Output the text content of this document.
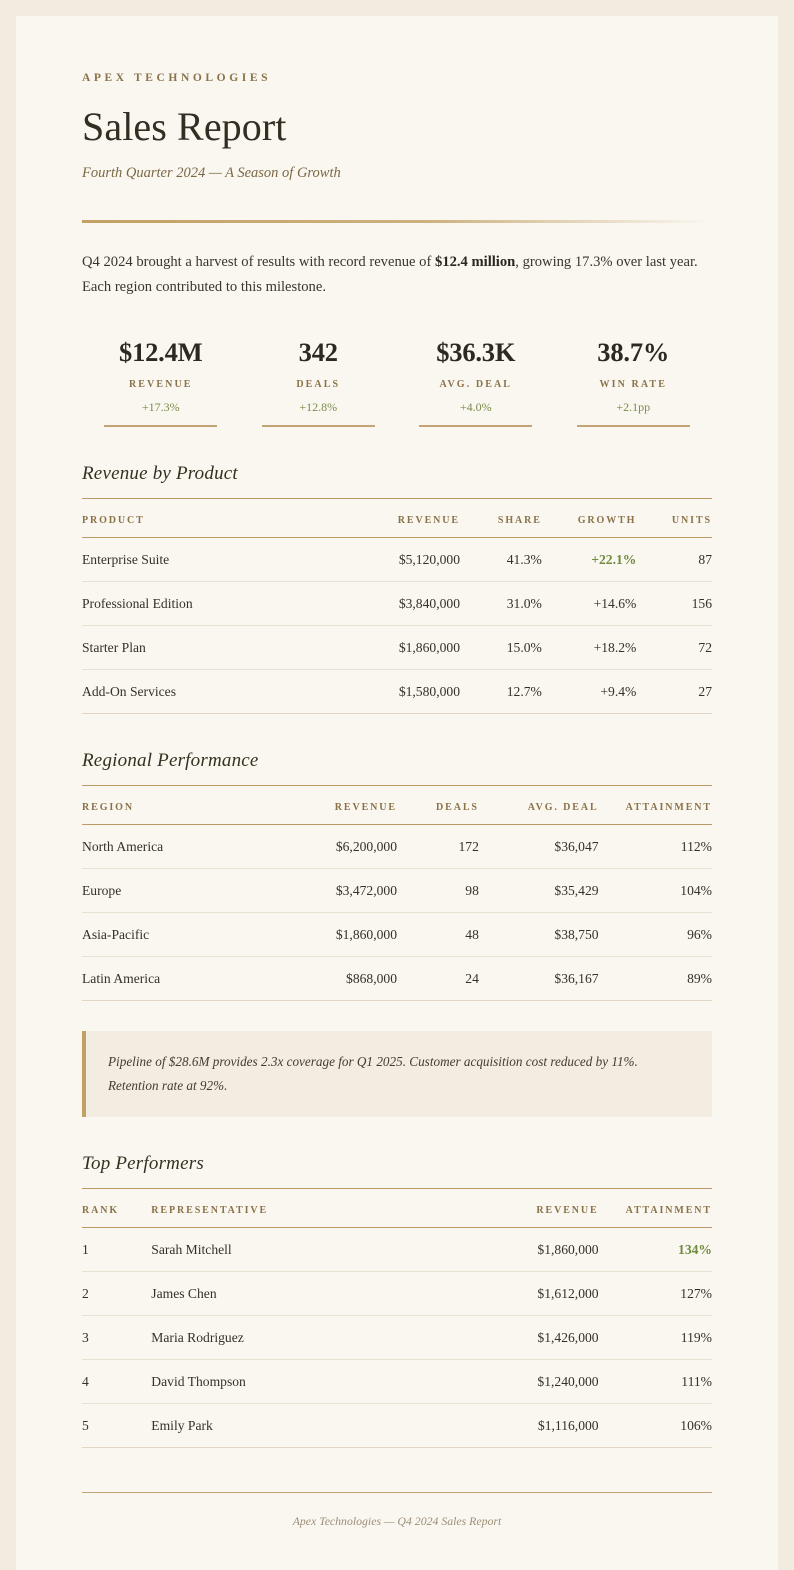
APEX TECHNOLOGIES
Sales Report
Fourth Quarter 2024 — A Season of Growth

Q4 2024 brought a harvest of results with record revenue of $12.4 million, growing 17.3% over last year. Each region contributed to this milestone.

$12.4M
REVENUE
+17.3%
342
DEALS
+12.8%
$36.3K
AVG. DEAL
+4.0%
38.7%
WIN RATE
+2.1pp
Revenue by Product
PRODUCT	REVENUE	SHARE	GROWTH	UNITS
Enterprise Suite	$5,120,000	41.3%	+22.1%	87
Professional Edition	$3,840,000	31.0%	+14.6%	156
Starter Plan	$1,860,000	15.0%	+18.2%	72
Add-On Services	$1,580,000	12.7%	+9.4%	27
Regional Performance
REGION	REVENUE	DEALS	AVG. DEAL	ATTAINMENT
North America	$6,200,000	172	$36,047	112%
Europe	$3,472,000	98	$35,429	104%
Asia-Pacific	$1,860,000	48	$38,750	96%
Latin America	$868,000	24	$36,167	89%

Pipeline of $28.6M provides 2.3x coverage for Q1 2025. Customer acquisition cost reduced by 11%. Retention rate at 92%.

Top Performers
RANK	REPRESENTATIVE	REVENUE	ATTAINMENT
1	Sarah Mitchell	$1,860,000	134%
2	James Chen	$1,612,000	127%
3	Maria Rodriguez	$1,426,000	119%
4	David Thompson	$1,240,000	111%
5	Emily Park	$1,116,000	106%
Apex Technologies — Q4 2024 Sales Report
